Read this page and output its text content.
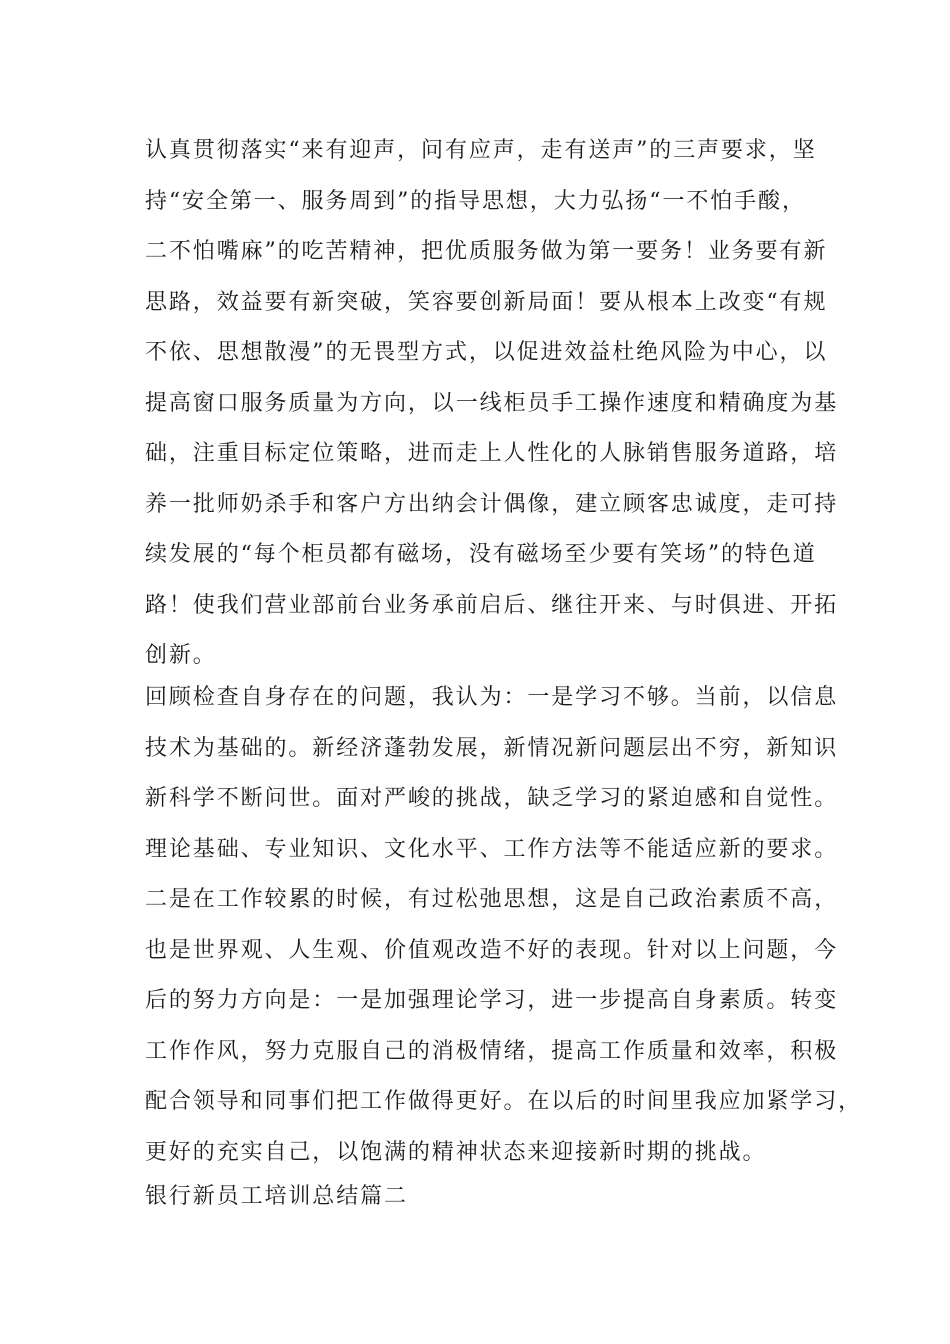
认真贯彻落实“来有迎声，问有应声，走有送声”的三声要求，坚
持“安全第一、服务周到”的指导思想，大力弘扬“一不怕手酸，
二不怕嘴麻”的吃苦精神，把优质服务做为第一要务！业务要有新
思路，效益要有新突破，笑容要创新局面！要从根本上改变“有规
不依、思想散漫”的无畏型方式，以促进效益杜绝风险为中心，以
提高窗口服务质量为方向，以一线柜员手工操作速度和精确度为基
础，注重目标定位策略，进而走上人性化的人脉销售服务道路，培
养一批师奶杀手和客户方出纳会计偶像，建立顾客忠诚度，走可持
续发展的“每个柜员都有磁场，没有磁场至少要有笑场”的特色道
路！使我们营业部前台业务承前启后、继往开来、与时俱进、开拓
创新。
回顾检查自身存在的问题，我认为：一是学习不够。当前，以信息
技术为基础的。新经济蓬勃发展，新情况新问题层出不穷，新知识
新科学不断问世。面对严峻的挑战，缺乏学习的紧迫感和自觉性。
理论基础、专业知识、文化水平、工作方法等不能适应新的要求。
二是在工作较累的时候，有过松弛思想，这是自己政治素质不高，
也是世界观、人生观、价值观改造不好的表现。针对以上问题，今
后的努力方向是：一是加强理论学习，进一步提高自身素质。转变
工作作风，努力克服自己的消极情绪，提高工作质量和效率，积极
配合领导和同事们把工作做得更好。在以后的时间里我应加紧学习，
更好的充实自己，以饱满的精神状态来迎接新时期的挑战。
银行新员工培训总结篇二
